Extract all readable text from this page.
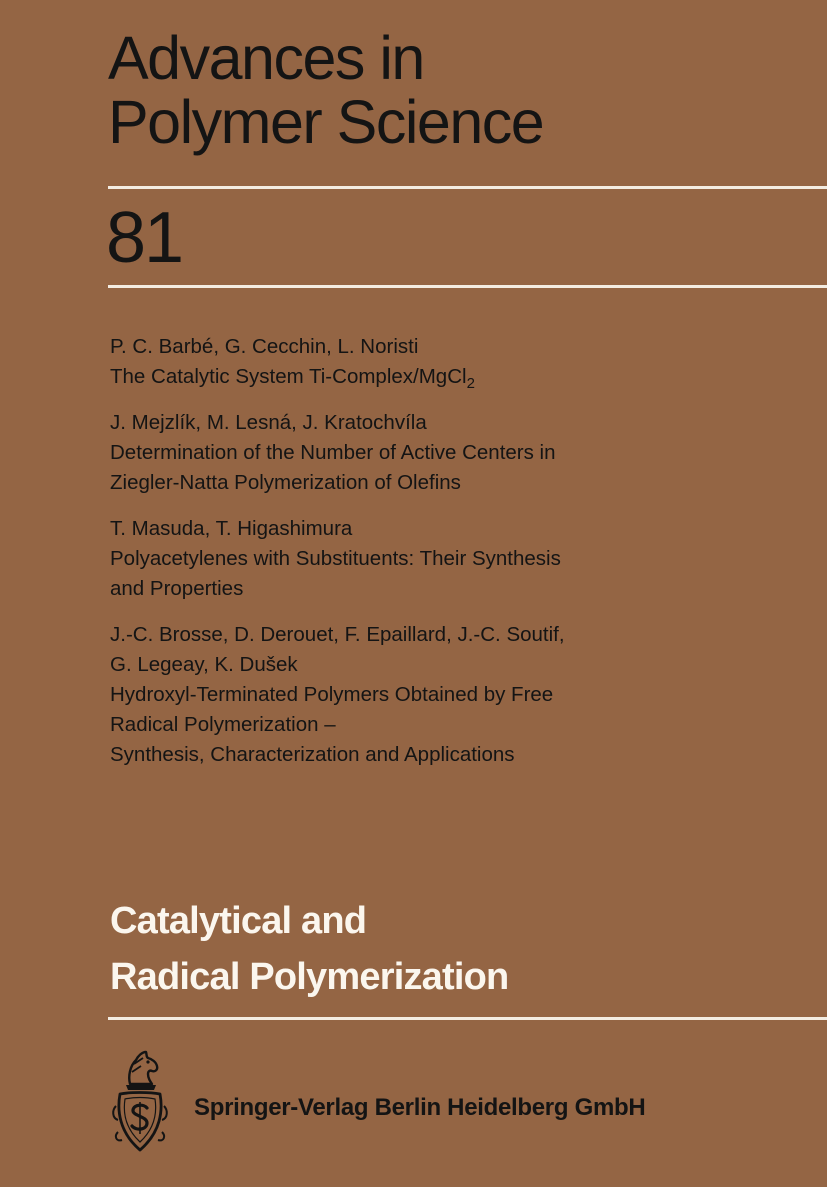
Advances in
Polymer Science
81
P. C. Barbé, G. Cecchin, L. Noristi
The Catalytic System Ti-Complex/MgCl$_2$
J. Mejzlík, M. Lesná, J. Kratochvíla
Determination of the Number of Active Centers in
Ziegler-Natta Polymerization of Olefins
T. Masuda, T. Higashimura
Polyacetylenes with Substituents: Their Synthesis
and Properties
J.-C. Brosse, D. Derouet, F. Epaillard, J.-C. Soutif,
G. Legeay, K. Dušek
Hydroxyl-Terminated Polymers Obtained by Free
Radical Polymerization –
Synthesis, Characterization and Applications
Catalytical and
Radical Polymerization
Springer-Verlag Berlin Heidelberg GmbH
